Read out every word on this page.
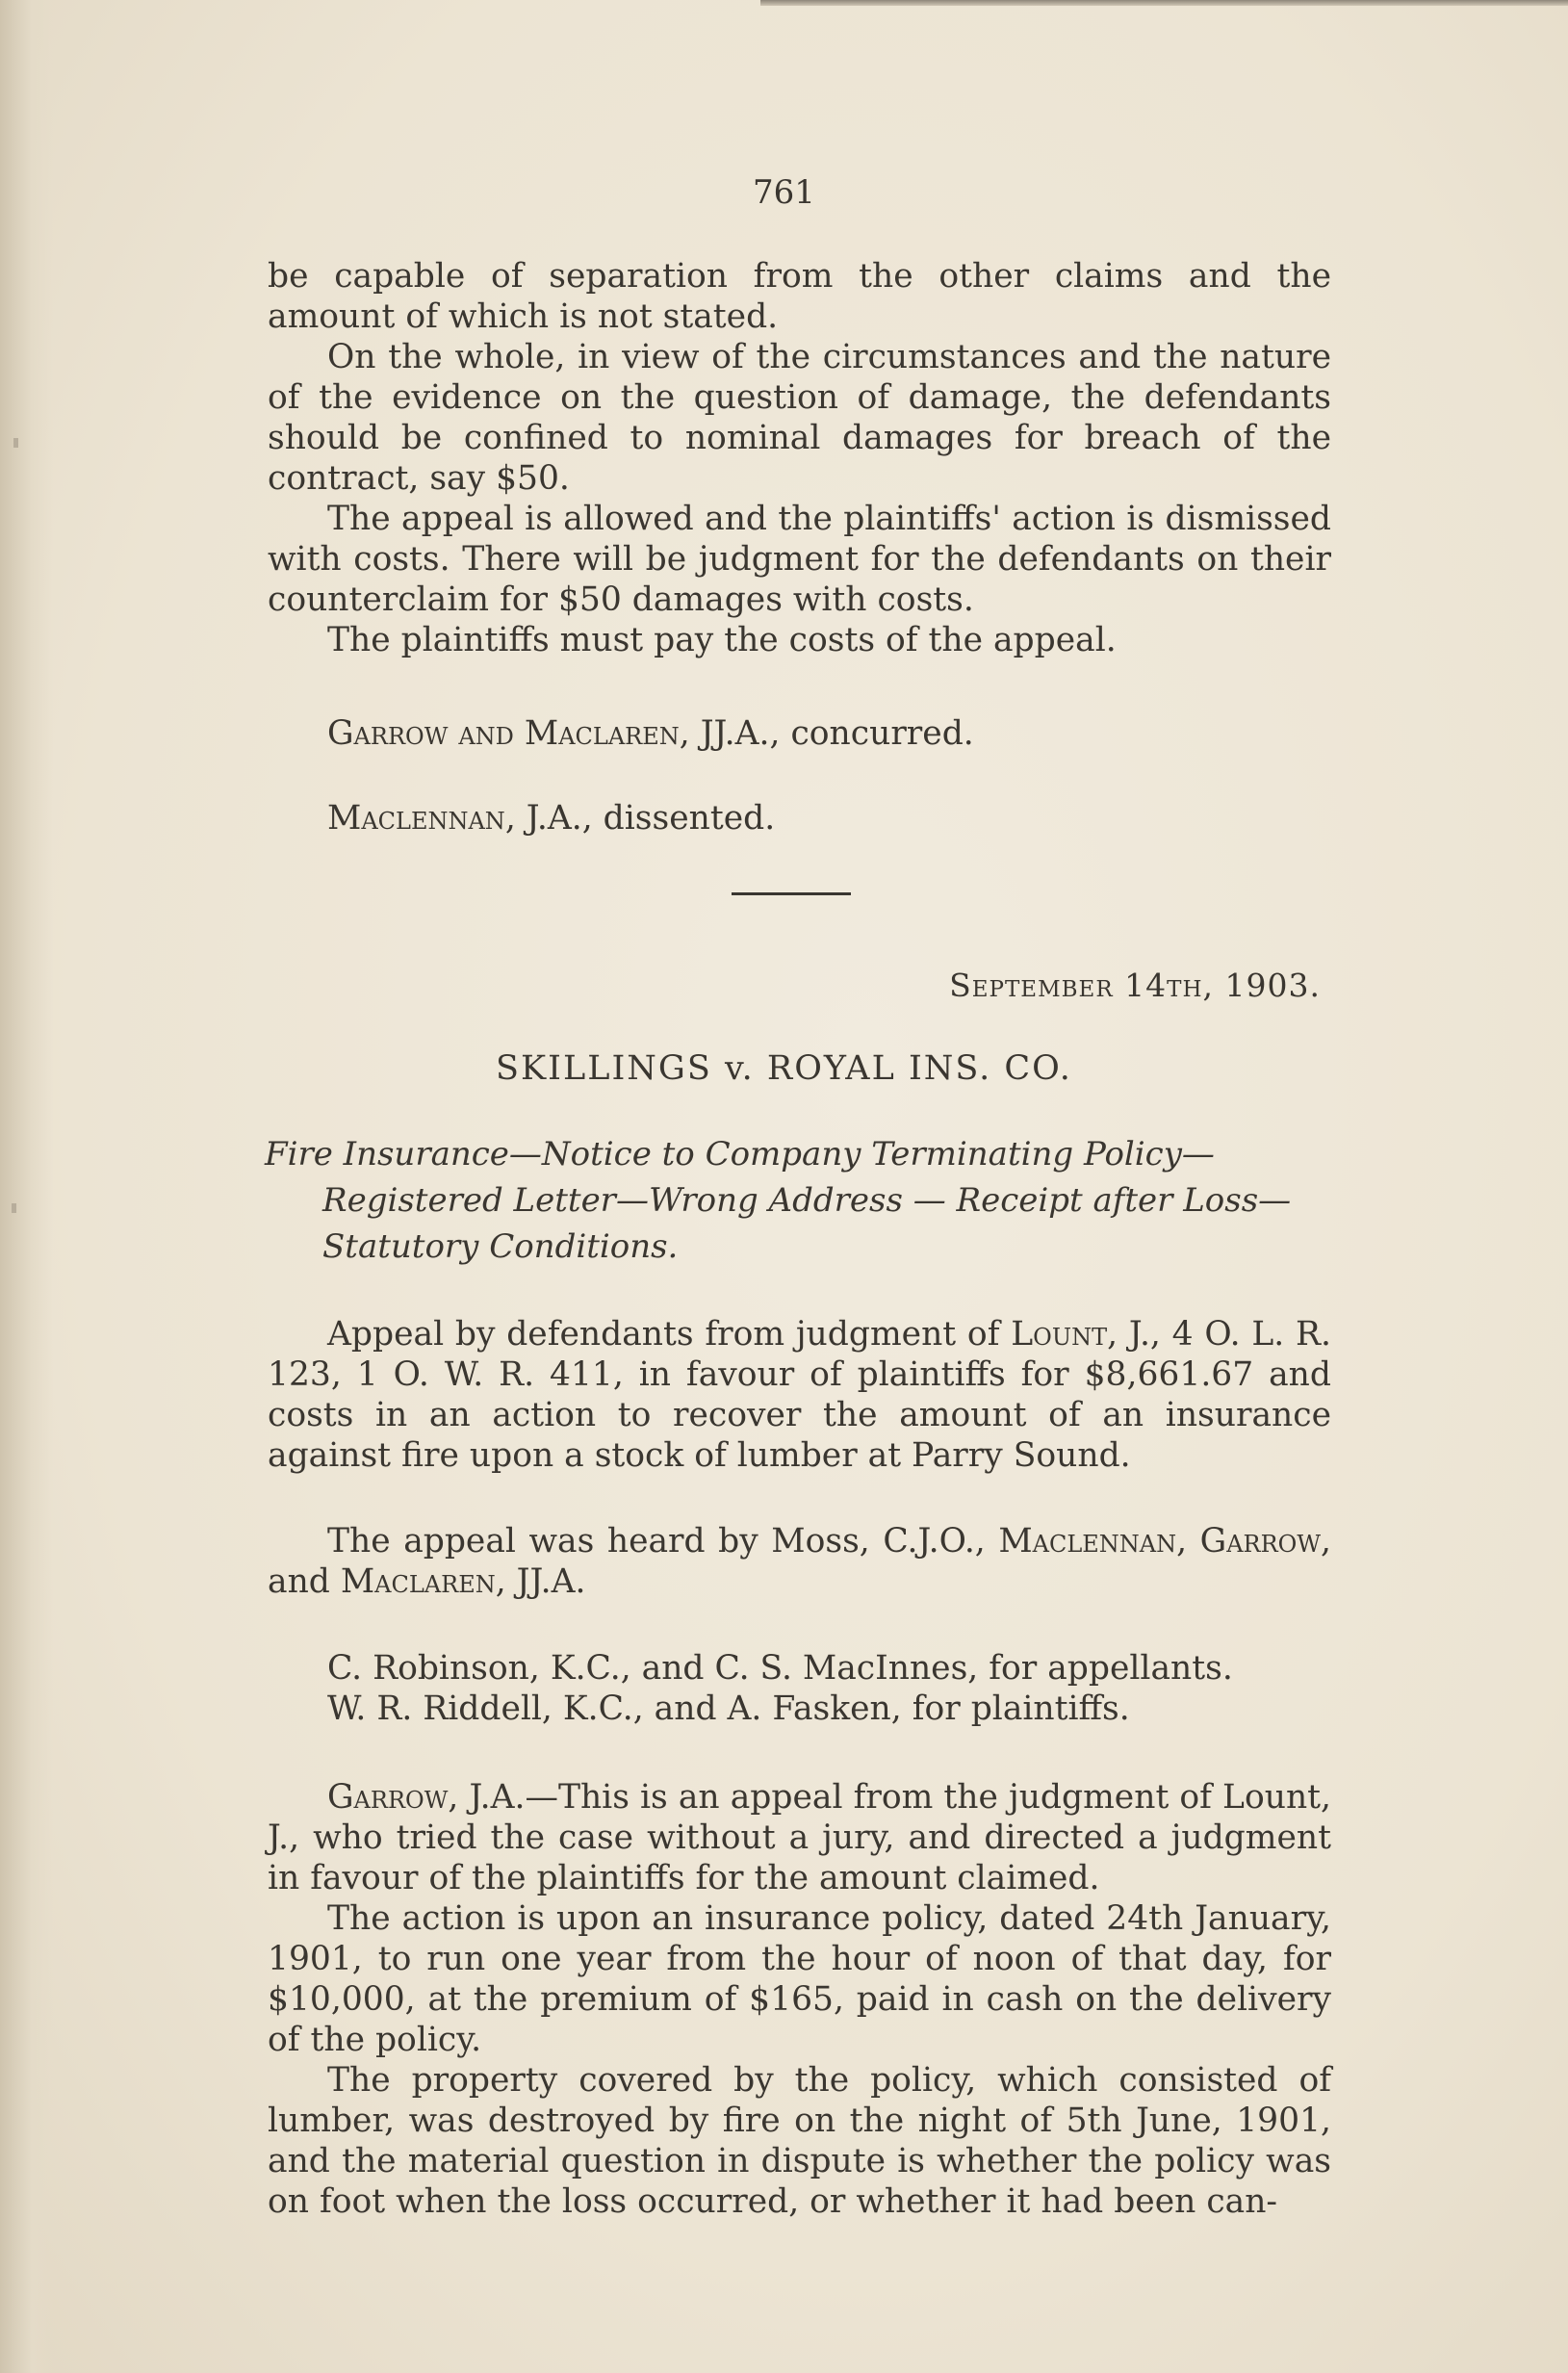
761

be capable of separation from the other claims and the amount of which is not stated.

On the whole, in view of the circumstances and the nature of the evidence on the question of damage, the defendants should be confined to nominal damages for breach of the contract, say $50.

The appeal is allowed and the plaintiffs' action is dismissed with costs. There will be judgment for the defendants on their counterclaim for $50 damages with costs.

The plaintiffs must pay the costs of the appeal.

Garrow and Maclaren, JJ.A., concurred.

Maclennan, J.A., dissented.

September 14th, 1903.
SKILLINGS v. ROYAL INS. CO.
Fire Insurance—Notice to Company Terminating Policy—Registered Letter—Wrong Address — Receipt after Loss—Statutory Conditions.

Appeal by defendants from judgment of Lount, J., 4 O. L. R. 123, 1 O. W. R. 411, in favour of plaintiffs for $8,661.67 and costs in an action to recover the amount of an insurance against fire upon a stock of lumber at Parry Sound.

The appeal was heard by Moss, C.J.O., Maclennan, Garrow, and Maclaren, JJ.A.

C. Robinson, K.C., and C. S. MacInnes, for appellants.

W. R. Riddell, K.C., and A. Fasken, for plaintiffs.

Garrow, J.A.—This is an appeal from the judgment of Lount, J., who tried the case without a jury, and directed a judgment in favour of the plaintiffs for the amount claimed.

The action is upon an insurance policy, dated 24th January, 1901, to run one year from the hour of noon of that day, for $10,000, at the premium of $165, paid in cash on the delivery of the policy.

The property covered by the policy, which consisted of lumber, was destroyed by fire on the night of 5th June, 1901, and the material question in dispute is whether the policy was on foot when the loss occurred, or whether it had been can-
